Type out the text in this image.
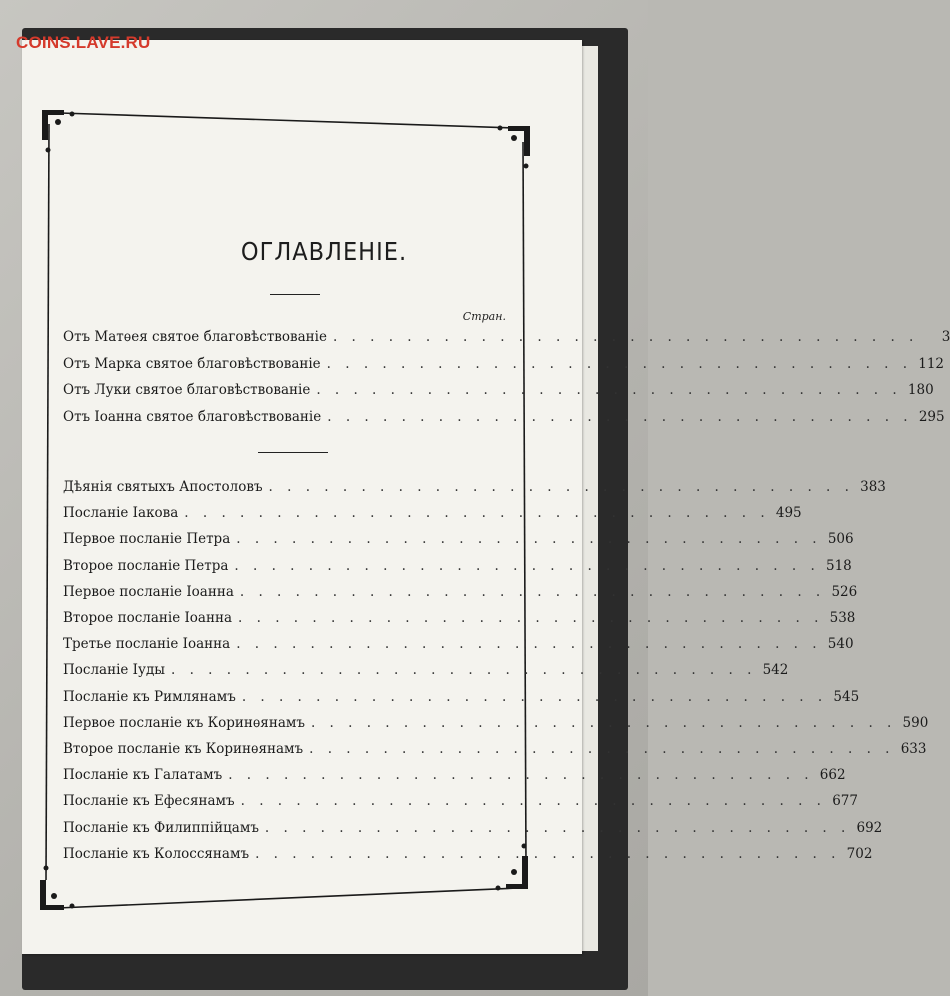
COINS.LAVE.RU
ОГЛАВЛЕНІЕ.
Стран.
Отъ Матѳея святое благовѣствованіе . . . . . . . . . . . . . . . . . . . . . . . . . . . . . . . .	3
Отъ Марка святое благовѣствованіе . . . . . . . . . . . . . . . . . . . . . . . . . . . . . . . . 112
Отъ Луки святое благовѣствованіе . . . . . . . . . . . . . . . . . . . . . . . . . . . . . . . . 180
Отъ Іоанна святое благовѣствованіе . . . . . . . . . . . . . . . . . . . . . . . . . . . . . . . . 295
Дѣянія святыхъ Апостоловъ . . . . . . . . . . . . . . . . . . . . . . . . . . . . . . . . 383
Посланіе Іакова . . . . . . . . . . . . . . . . . . . . . . . . . . . . . . . . 495
Первое посланіе Петра . . . . . . . . . . . . . . . . . . . . . . . . . . . . . . . . 506
Второе посланіе Петра . . . . . . . . . . . . . . . . . . . . . . . . . . . . . . . . 518
Первое посланіе Іоанна . . . . . . . . . . . . . . . . . . . . . . . . . . . . . . . . 526
Второе посланіе Іоанна . . . . . . . . . . . . . . . . . . . . . . . . . . . . . . . . 538
Третье посланіе Іоанна . . . . . . . . . . . . . . . . . . . . . . . . . . . . . . . . 540
Посланіе Іуды . . . . . . . . . . . . . . . . . . . . . . . . . . . . . . . . 542
Посланіе къ Римлянамъ . . . . . . . . . . . . . . . . . . . . . . . . . . . . . . . . 545
Первое посланіе къ Коринѳянамъ . . . . . . . . . . . . . . . . . . . . . . . . . . . . . . . . 590
Второе посланіе къ Коринѳянамъ . . . . . . . . . . . . . . . . . . . . . . . . . . . . . . . . 633
Посланіе къ Галатамъ . . . . . . . . . . . . . . . . . . . . . . . . . . . . . . . . 662
Посланіе къ Ефесянамъ . . . . . . . . . . . . . . . . . . . . . . . . . . . . . . . . 677
Посланіе къ Филиппійцамъ . . . . . . . . . . . . . . . . . . . . . . . . . . . . . . . . 692
Посланіе къ Колоссянамъ . . . . . . . . . . . . . . . . . . . . . . . . . . . . . . . . 702
